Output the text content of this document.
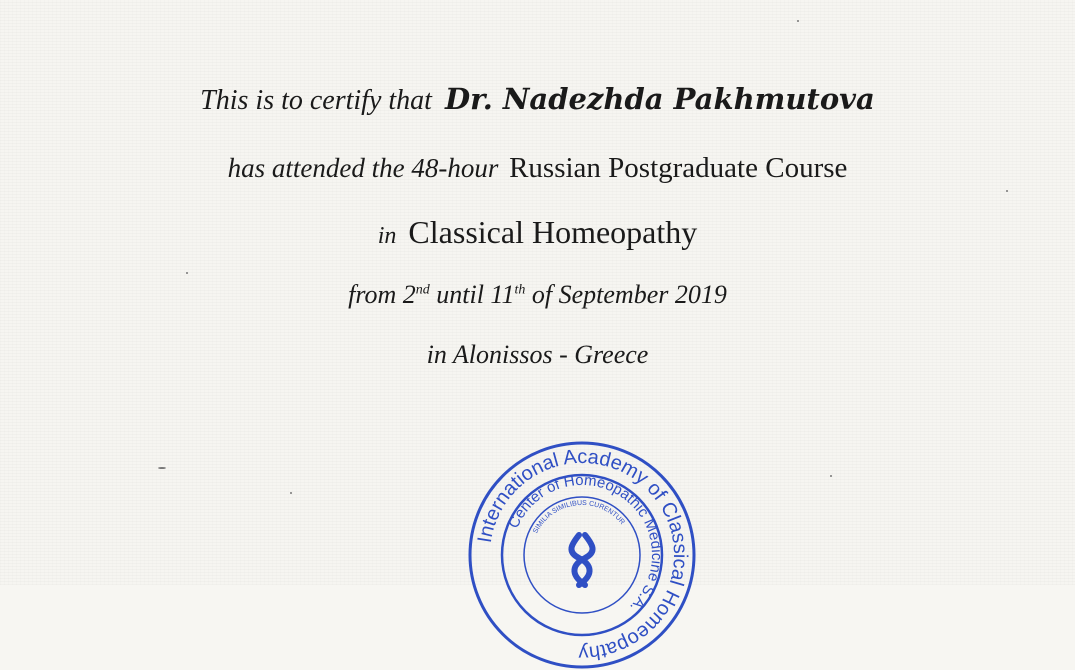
This is to certify that Dr. Nadezhda Pakhmutova
has attended the 48-hour Russian Postgraduate Course
in Classical Homeopathy
from 2nd until 11th of September 2019
in Alonissos - Greece
International Academy of Classical Homeopathy
Center of Homeopathic Medicine S.A.
SIMILIA SIMILIBUS CURENTUR
